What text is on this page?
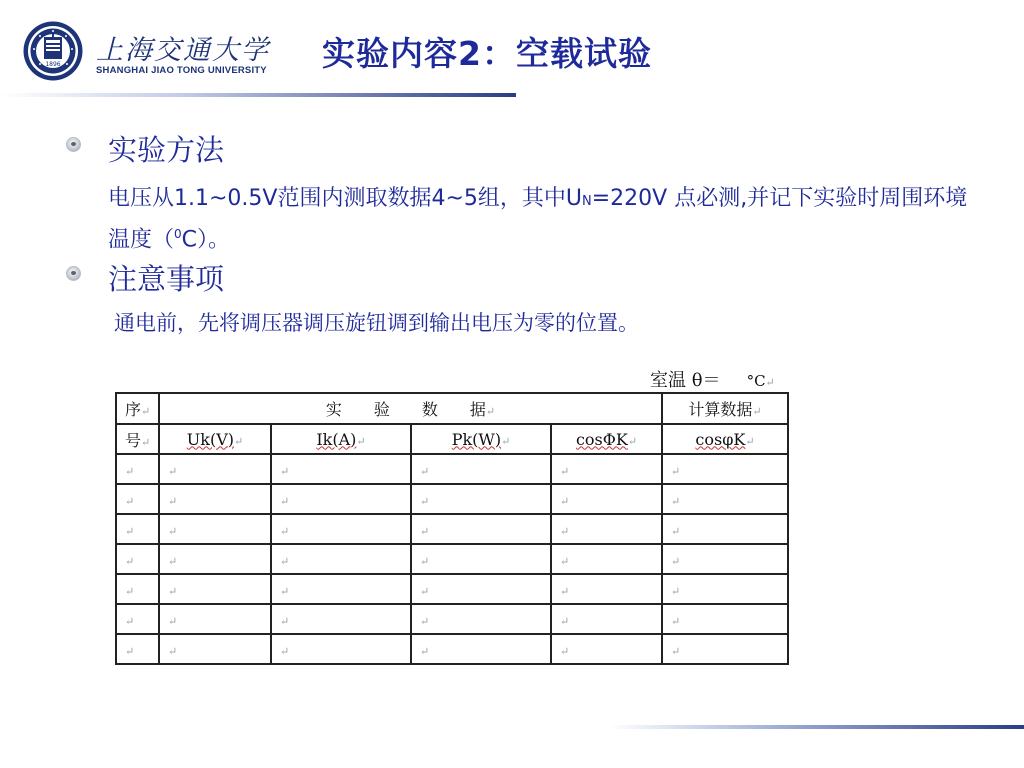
1896 上海交通大学
SHANGHAI JIAO TONG UNIVERSITY 实验内容2：空载试验
实验方法
电压从1.1~0.5V范围内测取数据4~5组，其中UN=220V 点必测,并记下实验时周围环境温度（$^0$C）。
注意事项
通电前，先将调压器调压旋钮调到输出电压为零的位置。
室温 θ＝ °C↵
序↵	实　　验　　数　　据↵				计算数据↵
号↵	Uk(V)↵	Ik(A)↵	Pk(W)↵	cosΦK↵	cosφK↵
↵	↵	↵	↵	↵	↵
↵	↵	↵	↵	↵	↵
↵	↵	↵	↵	↵	↵
↵	↵	↵	↵	↵	↵
↵	↵	↵	↵	↵	↵
↵	↵	↵	↵	↵	↵
↵	↵	↵	↵	↵	↵
